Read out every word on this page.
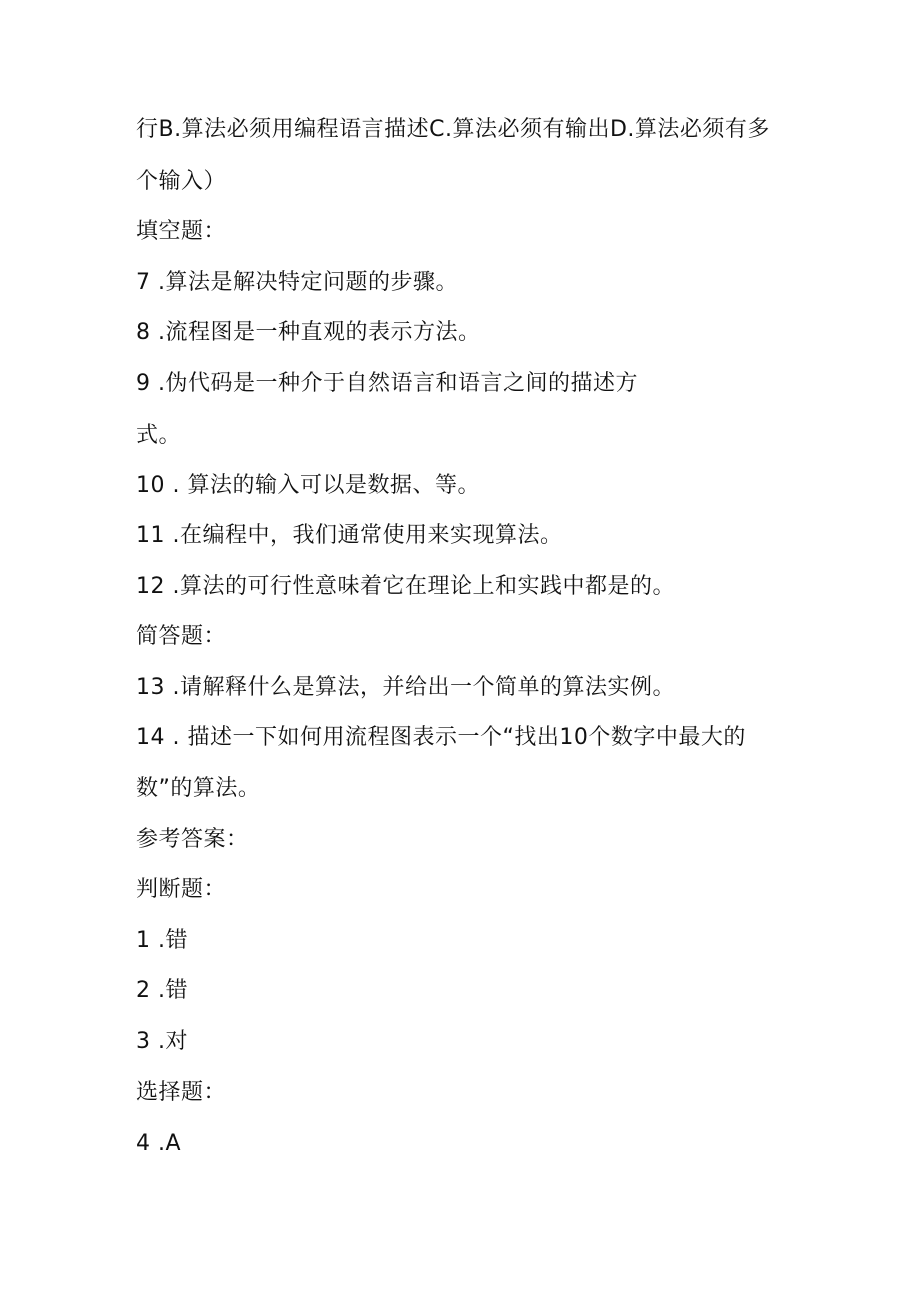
行B.算法必须用编程语言描述C.算法必须有输出D.算法必须有多
个输入）
填空题：
7 .算法是解决特定问题的步骤。
8 .流程图是一种直观的表示方法。
9 .伪代码是一种介于自然语言和语言之间的描述方
式。
10 . 算法的输入可以是数据、等。
11 .在编程中，我们通常使用来实现算法。
12 .算法的可行性意味着它在理论上和实践中都是的。
简答题：
13 .请解释什么是算法，并给出一个简单的算法实例。
14 . 描述一下如何用流程图表示一个“找出10个数字中最大的
数”的算法。
参考答案：
判断题：
1 .错
2 .错
3 .对
选择题：
4 .A
